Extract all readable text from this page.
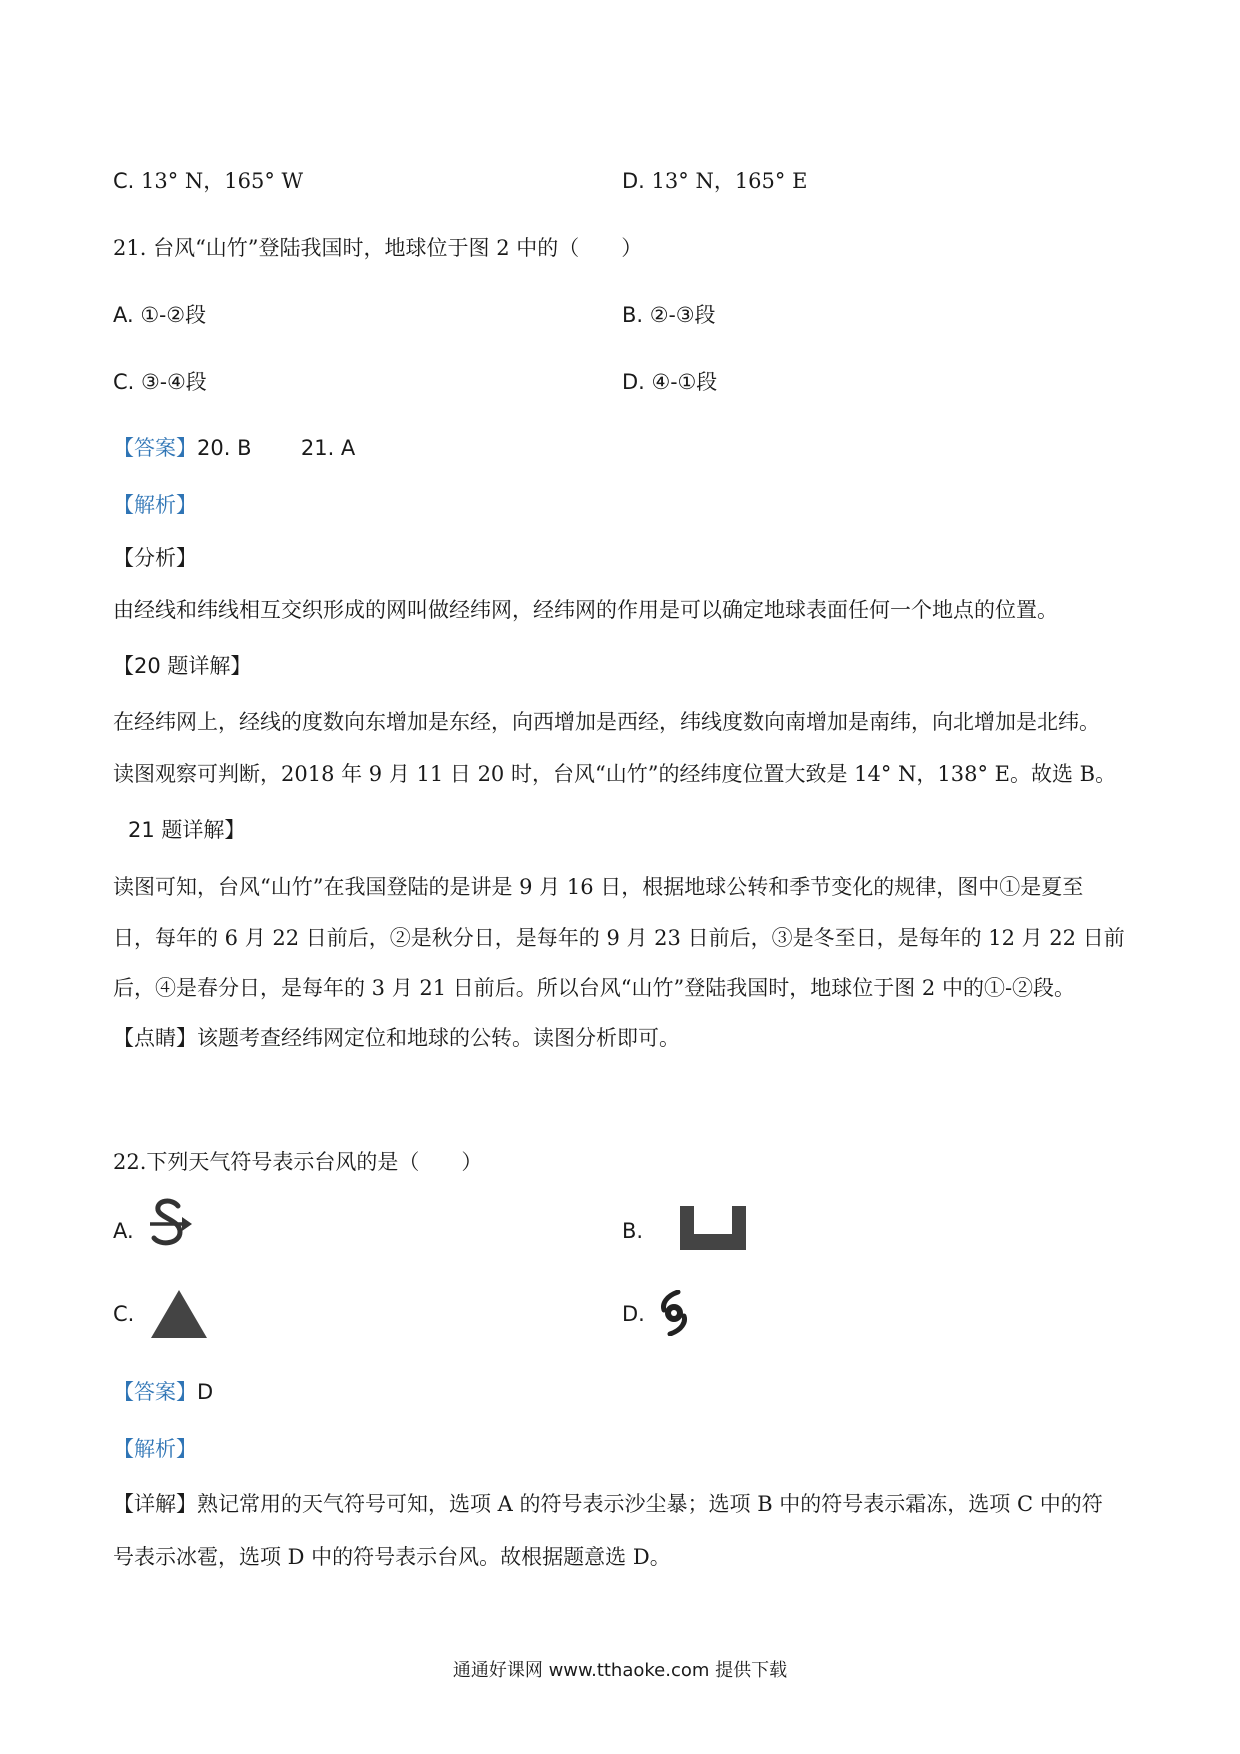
C. 13° N，165° W	D. 13° N，165° E
21. 台风“山竹”登陆我国时，地球位于图 2 中的（　　）
A. ①-②段	B. ②-③段
C. ③-④段	D. ④-①段
【答案】20. B 21. A
【解析】
【分析】
由经线和纬线相互交织形成的网叫做经纬网，经纬网的作用是可以确定地球表面任何一个地点的位置。
【20 题详解】
在经纬网上，经线的度数向东增加是东经，向西增加是西经，纬线度数向南增加是南纬，向北增加是北纬。
读图观察可判断，2018 年 9 月 11 日 20 时，台风“山竹”的经纬度位置大致是 14° N，138° E。故选 B。
21 题详解】
读图可知，台风“山竹”在我国登陆的是讲是 9 月 16 日，根据地球公转和季节变化的规律，图中①是夏至
日，每年的 6 月 22 日前后，②是秋分日，是每年的 9 月 23 日前后，③是冬至日，是每年的 12 月 22 日前
后，④是春分日，是每年的 3 月 21 日前后。所以台风“山竹”登陆我国时，地球位于图 2 中的①-②段。
【点睛】该题考查经纬网定位和地球的公转。读图分析即可。
22.下列天气符号表示台风的是（　　）
A.	B.
C.	D.
【答案】D
【解析】
【详解】熟记常用的天气符号可知，选项 A 的符号表示沙尘暴；选项 B 中的符号表示霜冻，选项 C 中的符
号表示冰雹，选项 D 中的符号表示台风。故根据题意选 D。
通通好课网 www.tthaoke.com 提供下载
